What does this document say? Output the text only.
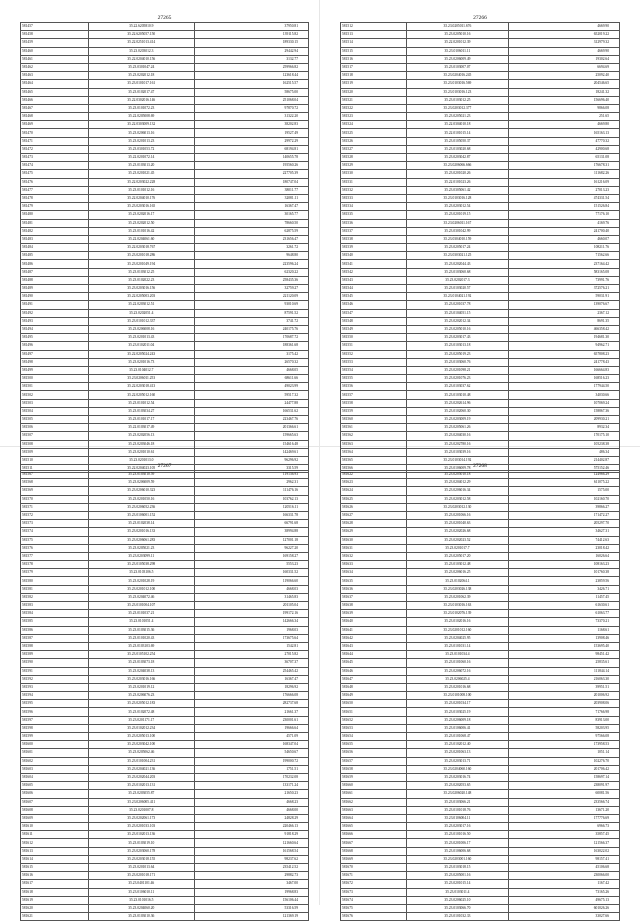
27265
581457	35.22.6205810.9	37950.81
581458	35.22.6205057.150	139115.82
581459	35.22.0251013.414	189330.15
581460	35.23.0203012.3	29442.94
581461	35.22.0204010.156	3132.77
581462	35.23.0301047.24	259966.82
581463	35.23.0202012.18	123618.44
581464	35.23.0101017.161	162515.57
581465	35.23.0102017.47	58675.00
581466	35.22.0302016.146	251068.04
581467	35.23.0101072.23	97870.72
581468	35.22.0205008.69	31322.20
581469	35.22.0303009.132	38202.83
581470	35.23.0206013.16	19527.49
581471	35.23.0201013.23	29972.29
581472	35.23.0301053.72	68194.81
581473	35.22.0201072.14	140655.78
581474	35.23.0103013.20	195560.26
581475	35.23.0201021.45	227705.39
581476	35.22.0203022.228	180747.04
581477	35.23.0101012.16	38011.77
581478	35.22.0204010.176	32081.11
581479	35.23.0203016.165	16367.47
581480	35.23.0202016.17	30165.77
581481	35.23.0202012.50	78660.50
581482	35.23.0101016.42	62875.59
581483	35.22.0204061.60	231656.47
581484	35.22.0203018.767	3261.72
581485	35.23.0201018.286	9648.80
581486	35.23.0201049.194	223596.24
581487	35.23.0103012.25	62320.22
581488	35.23.0102022.23	258435.36
581489	35.23.0203016.156	32759.27
581490	35.22.0205003.203	221120.09
581491	35.22.0203012.51	93010.69
581492	35.23.0202051.4	87591.52
581493	35.23.0101012.337	3741.72
581494	35.23.0206008.16	240175.76
581495	35.23.0201013.43	170687.72
581496	35.23.0102011.04	188361.68
581497	35.22.0205024.243	3175.42
581498	35.23.0201016.73	26570.32
581499	35.23.0104012.7	4668.05
581500	35.23.0206011.253	68611.66
581501	35.22.0203018.413	49023.99
581502	35.22.0205012.160	59517.32
581503	35.23.0101012.54	24477.88
581504	35.23.0103034.27	166531.62
581505	35.23.0101017.17	223467.76
581506	35.22.0103017.49	201366.61
581507	35.23.0202056.13	159665.63
581508	35.23.0203046.18	154616.48
581509	35.23.0201010.61	142469.61
581510	35.23.0201013.0	96296.92
581511	35.22.0204023.105	3315.59
27266
581512	35.23.0205011.676	4669.90
581513	35.23.0205010.16	652019.22
581514	35.22.0201012.39	312979.32
581515	35.23.0106011.11	4669.90
581516	35.23.0206009.49	19302.64
581517	35.23.0103007.07	6694.69
581518	35.23.0204016.245	25092.40
581519	35.23.0103016.569	204546.65
581520	35.23.0103016.123	18241.32
581521	35.23.0103012.25	156696.40
581522	35.23.0203012.377	9866.08
581523	35.23.0205021.23	251.65
581524	35.22.0304010.18	4669.80
581525	35.22.0101015.14	165163.13
581526	35.23.0105050.37	47770.32
581527	35.23.0103020.68	42900.68
581528	35.23.0203042.87	65131.08
581529	35.23.0206066.666	176678.31
581530	35.23.0201020.26	111682.26
581531	35.22.0101023.26	161216.09
581532	35.23.0305061.42	27013.23
581533	35.23.0103016.128	474331.54
581534	35.23.0203012.54	151526.84
581535	35.23.0201019.15	77176.10
581536	35.23.0206011.167	4169.76
581537	35.23.0301042.99	241700.40
581538	35.23.0304010.159	4660.07
581539	35.23.0205017.24	108211.76
581540	35.23.0303021.125	71562.66
581541	35.23.0202044.43	237164.42
581542	35.23.0103060.68	583165.08
581543	35.23.0202017.3	73991.76
581544	35.23.0103020.57	372576.21
581545	35.23.0104021.192	59031.91
581546	35.23.0201037.78	139076.67
581547	35.23.0104051.15	2367.12
581548	35.23.0202012.34	8691.35
581549	35.23.0205010.16	466358.42
581550	35.23.0203017.43	194681.30
581551	35.23.0103013.18	94962.71
581552	35.23.0205019.23	657808.23
581553	35.23.0103060.76	241778.43
581554	35.23.0201098.21	166664.83
581555	35.23.0201076.23	168516.23
581556	35.23.0103037.62	177944.50
581557	35.23.0103010.48	34030.66
581558	35.23.0202614.96	107069.24
581559	35.23.0102060.30	158867.36
581560	35.23.0203009.19	209930.21
581561	35.23.0205061.26	8932.34
581562	35.23.0204030.16	170175.10
581563	35.23.0202780.16	105238.38
581564	35.23.0103039.16	486.34
581565	35.23.0103014.192	214402.87
581566	35.23.0106009.78	575152.46
27267
581567	35.23.0103010.59	119136.93
581568	35.23.0206009.59	2962.31
581569	35.23.0206010.323	111476.16
581570	35.23.0201050.16	103762.13
581571	35.23.0206052.236	120516.11
581572	35.23.0106001.152	166331.78
581573	35.23.0102038.14	66791.68
581574	35.23.0201016.133	38994.88
581575	35.23.0206061.283	127001.18
581576	35.23.0205021.23	96227.20
581577	35.23.0203099.11	169158.27
581578	35.23.0105038.298	5553.23
581579	35.23.0103106.5	160331.52
581580	35.23.0201028.19	119066.60
581581	35.23.0201012.100	4668.03
581582	35.23.0204072.46	31465.83
581583	35.23.0101004.107	201105.04
581584	35.23.0101037.21	199172.16
581585	35.23.0101051.4	142666.34
581586	35.23.0103015.36	1968.03
581587	35.23.0101020.43	173675.64
581588	35.23.0103103.69	1542.81
581589	35.23.0105102.254	27015.82
581590	35.23.0103073.18	36707.37
581591	35.23.0204038.13	254465.42
581592	35.23.0203016.166	16367.47
581593	35.23.0201019.12	18296.92
581594	35.23.0206076.23	176666.08
581595	35.23.0205012.183	282737.68
581596	35.23.0102072.48	21661.37
581597	35.23.0201171.17	230001.61
581598	35.23.0102012.234	19666.64
581599	35.23.0205013.100	4571.09
581600	35.23.0203042.100	168347.04
581601	35.23.0205062.46	54650.67
581602	35.23.0101004.231	199000.72
581603	35.23.0204021.136	1751.51
581604	35.23.0202044.203	170232.08
581605	35.23.0102013.131	133171.24
581606	35.23.0203055.87	21650.23
581607	35.23.0206005.411	4668.23
581608	35.23.0201007.8	4668.00
581609	35.23.0202061.173	24828.29
581610	35.23.0201033.103	220466.13
581611	35.23.0102013.136	91818.29
581612	35.23.0103019.10	121660.64
581613	35.23.0203060.178	161568.54
581614	35.23.0203018.155	98237.62
581615	35.23.0201013.64	235412.52
581616	35.23.0201018.171	29882.73
581617	35.23.0401101.46	3467.00
581618	35.23.0106010.11	19968.83
581619	35.23.0101016.5	156106.44
581620	35.23.0204060.20	53316.59
581621	35.23.0103010.36	121369.19
27268
581622	35.23.0205010.18	124966.29
581623	35.23.0204012.29	611075.22
581624	35.23.0206016.34	1575.00
581625	35.23.0203012.58	102160.70
581626	35.23.0203012.130	39866.27
581627	35.23.0201066.16	171472.27
581628	35.23.0201040.63	205297.70
581629	35.23.0202026.68	34627.31
581630	35.23.0202023.52	74412.63
581631	35.23.0201017.7	23018.42
581632	35.23.0205017.20	16026.64
581633	35.23.0103012.48	108163.23
581634	35.23.0206016.25	101760.38
581635	35.23.0102064.1	23859.56
581636	35.23.0203026.138	3426.71
581637	35.23.0201062.39	11457.45
581638	35.23.0103016.163	61630.61
581639	35.23.0102076.139	61063.77
581640	35.23.0102016.16	73370.21
581641	35.23.0201012.160	1168.61
581642	35.23.0204025.95	13908.46
581643	35.23.0101031.14	153695.40
581644	35.23.0101034.4	98451.42
581645	35.23.0101060.16	25835.61
581646	35.23.0206072.16	111844.14
581647	35.23.0206025.4	216063.30
581648	35.23.0201016.68	39951.51
581649	35.23.0101008.100	201006.92
581650	35.23.0201034.17	203908.06
581651	35.23.0103025.19	71766.98
581652	35.23.0206009.18	83913.00
581653	35.23.0106006.41	58203.95
581654	35.23.0101068.47	97566.08
581655	35.23.0102012.40	173958.53
581656	35.23.0201063.13	1051.14
581657	35.23.0203013.71	102276.70
581658	35.23.0204060.160	201706.42
581659	35.23.0203016.74	158697.14
581660	35.23.0202053.65	238091.97
581661	35.23.0206020.148	60081.56
581662	35.23.0103066.21	233566.74
581663	35.23.0101018.76	13671.20
581664	35.23.0106004.11	177776.69
581665	35.23.0203017.16	6966.73
581666	35.23.0101016.50	35857.45
581667	35.23.0201006.17	121566.37
581668	35.23.0106006.68	163022.02
581669	35.23.0203001.160	98157.41
581670	35.23.0103018.15	45106.68
581671	35.23.0205001.16	230066.00
581672	35.23.0201015.14	1167.42
581673	35.23.0103011.4	73165.26
581674	35.23.0206025.10	49675.13
581675	35.23.0103066.70	601026.26
581676	35.23.0101032.33	33027.66
